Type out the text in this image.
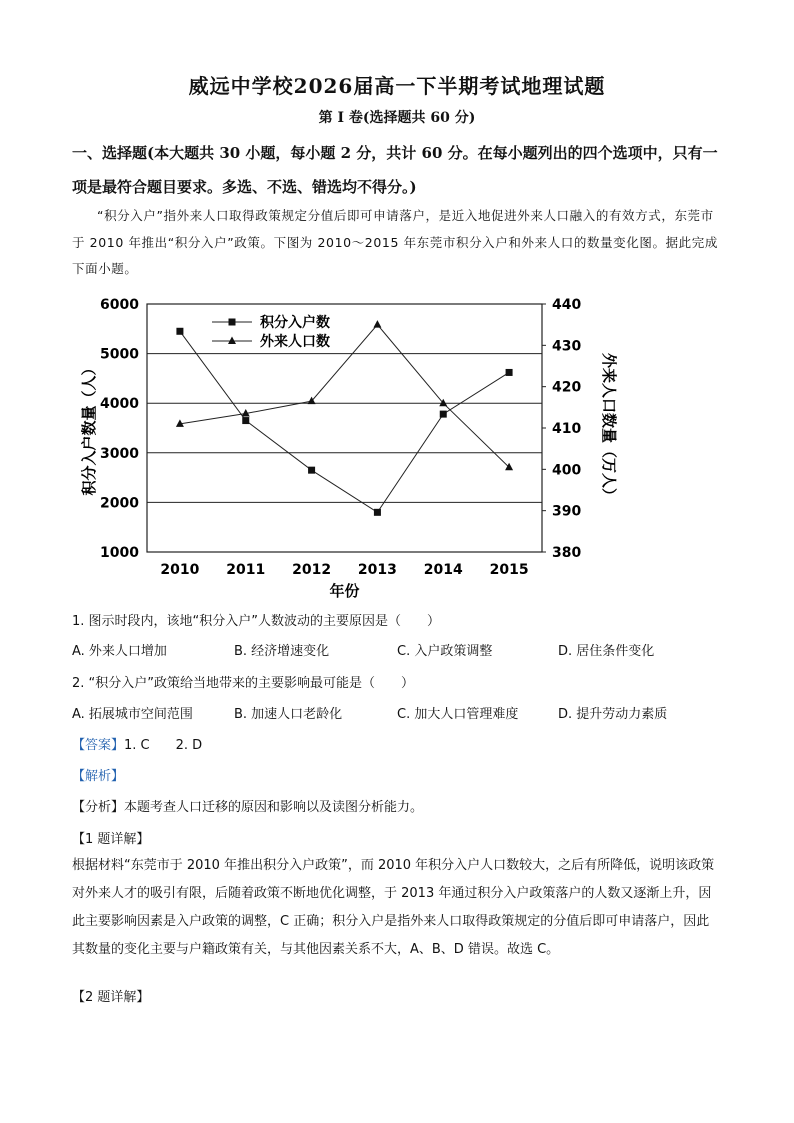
威远中学校2026届高一下半期考试地理试题
第 I 卷(选择题共 60 分)
一、选择题(本大题共 30 小题，每小题 2 分，共计 60 分。在每小题列出的四个选项中，只有一项是最符合题目要求。多选、不选、错选均不得分。)
“积分入户”指外来人口取得政策规定分值后即可申请落户，是近入地促进外来人口融入的有效方式，东莞市于 2010 年推出“积分入户”政策。下图为 2010～2015 年东莞市积分入户和外来人口的数量变化图。据此完成下面小题。
1000
2000
3000
4000
5000
6000
380
390
400
410
420
430
440
2010 2011 2012 2013 2014 2015
年份
积分入户数量（人）	外来人口数量（万人）
积分入户数
外来人口数
1. 图示时段内，该地“积分入户”人数波动的主要原因是（　　）
A. 外来人口增加	B. 经济增速变化	C. 入户政策调整	D. 居住条件变化
2. “积分入户”政策给当地带来的主要影响最可能是（　　）
A. 拓展城市空间范围	B. 加速人口老龄化	C. 加大人口管理难度	D. 提升劳动力素质
【答案】1. C　　2. D
【解析】
【分析】本题考查人口迁移的原因和影响以及读图分析能力。
【1 题详解】
根据材料“东莞市于 2010 年推出积分入户政策”，而 2010 年积分入户人口数较大，之后有所降低，说明该政策对外来人才的吸引有限，后随着政策不断地优化调整，于 2013 年通过积分入户政策落户的人数又逐渐上升，因此主要影响因素是入户政策的调整，C 正确；积分入户是指外来人口取得政策规定的分值后即可申请落户，因此其数量的变化主要与户籍政策有关，与其他因素关系不大，A、B、D 错误。故选 C。
【2 题详解】
